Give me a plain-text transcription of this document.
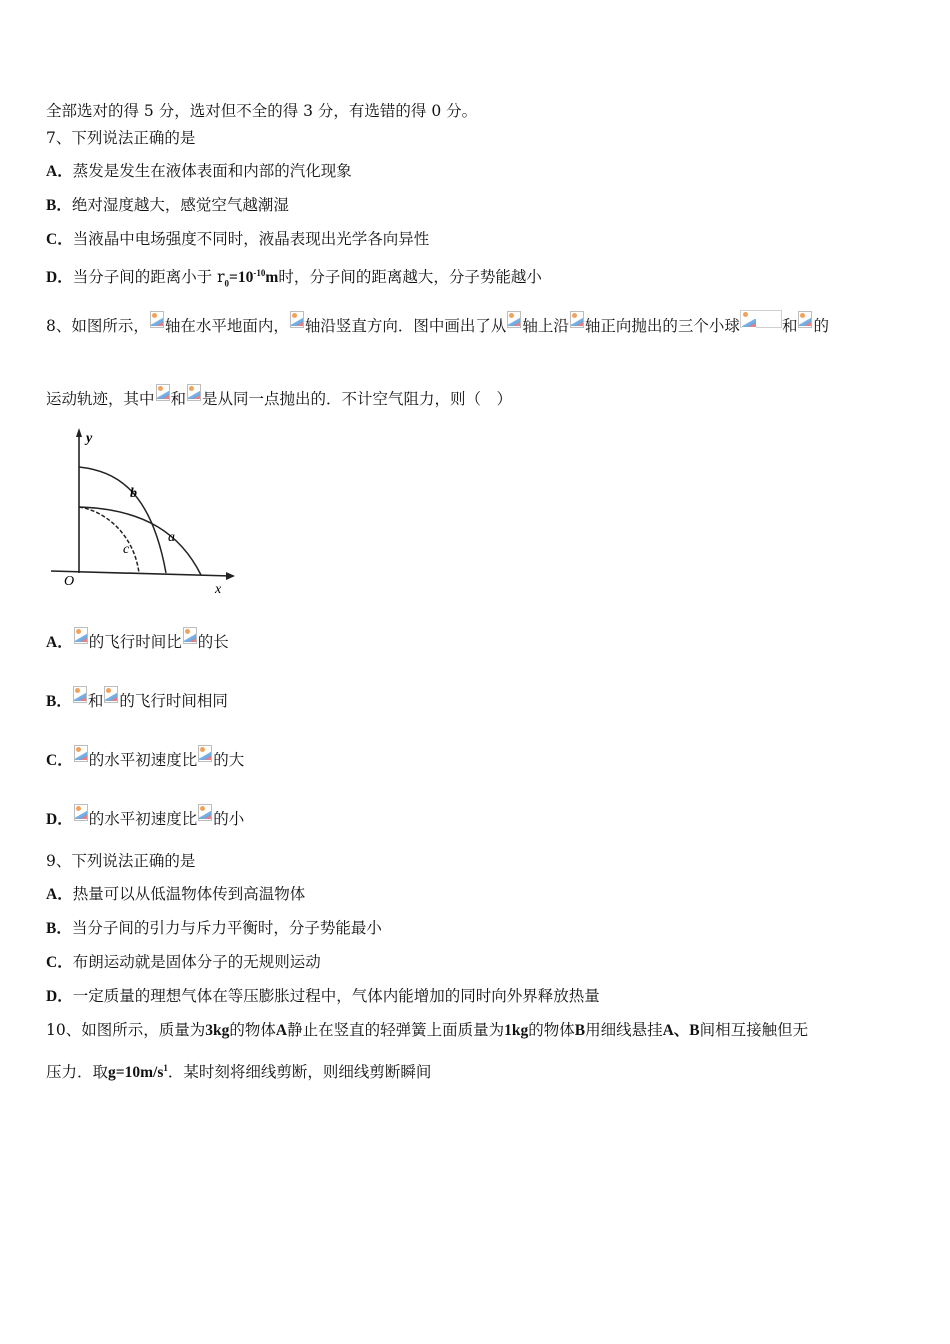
全部选对的得 5 分，选对但不全的得 3 分，有选错的得 0 分。
7、下列说法正确的是
A．蒸发是发生在液体表面和内部的汽化现象
B．绝对湿度越大，感觉空气越潮湿
C．当液晶中电场强度不同时，液晶表现出光学各向异性
D．当分子间的距离小于 $r_0=10^{-10}m$时，分子间的距离越大，分子势能越小
8、如图所示， 轴在水平地面内， 轴沿竖直方向．图中画出了从 轴上沿 轴正向抛出的三个小球	和 的
运动轨迹，其中 和 是从同一点抛出的．不计空气阻力，则（　）
y
x
O
b
a
c
A． 的飞行时间比 的长
B． 和 的飞行时间相同
C． 的水平初速度比 的大
D． 的水平初速度比 的小
9、下列说法正确的是
A．热量可以从低温物体传到高温物体
B．当分子间的引力与斥力平衡时，分子势能最小
C．布朗运动就是固体分子的无规则运动
D．一定质量的理想气体在等压膨胀过程中，气体内能增加的同时向外界释放热量
10、如图所示，质量为3kg的物体A静止在竖直的轻弹簧上面质量为1kg的物体B用细线悬挂A、B间相互接触但无
压力．取$g=10m/s^1$．某时刻将细线剪断，则细线剪断瞬间
